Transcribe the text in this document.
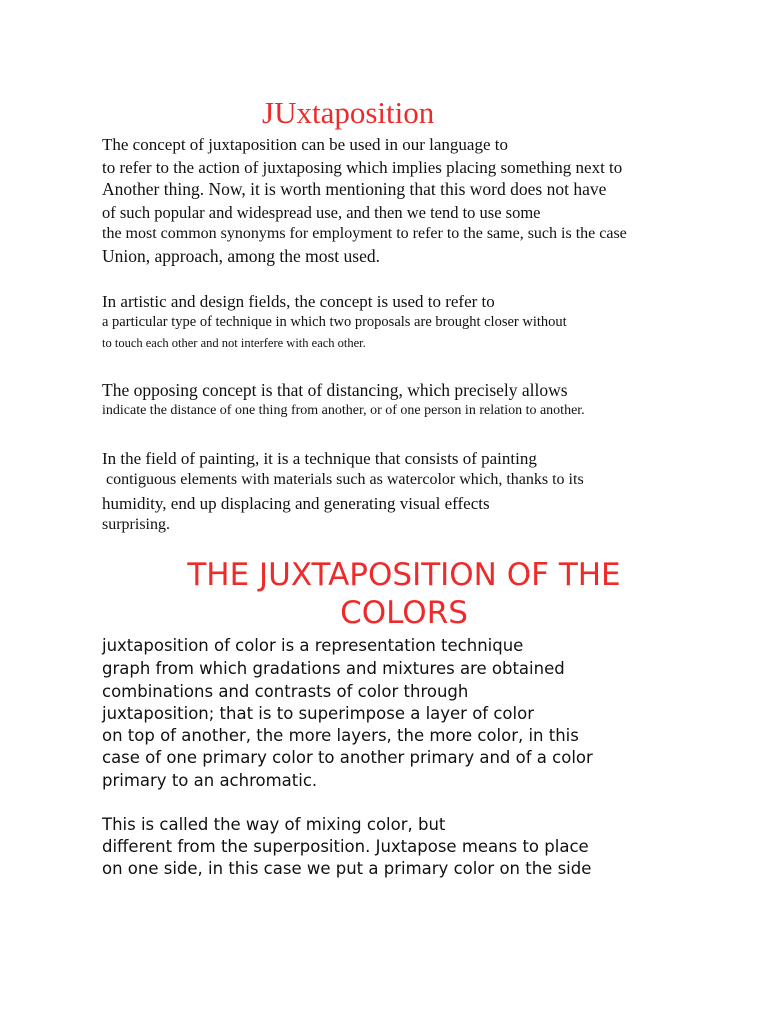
JUxtaposition
The concept of juxtaposition can be used in our language to
to refer to the action of juxtaposing which implies placing something next to
Another thing. Now, it is worth mentioning that this word does not have
of such popular and widespread use, and then we tend to use some
the most common synonyms for employment to refer to the same, such is the case
Union, approach, among the most used.
In artistic and design fields, the concept is used to refer to
a particular type of technique in which two proposals are brought closer without
to touch each other and not interfere with each other.
The opposing concept is that of distancing, which precisely allows
indicate the distance of one thing from another, or of one person in relation to another.
In the field of painting, it is a technique that consists of painting
contiguous elements with materials such as watercolor which, thanks to its
humidity, end up displacing and generating visual effects
surprising.
THE JUXTAPOSITION OF THE
COLORS
juxtaposition of color is a representation technique
graph from which gradations and mixtures are obtained
combinations and contrasts of color through
juxtaposition; that is to superimpose a layer of color
on top of another, the more layers, the more color, in this
case of one primary color to another primary and of a color
primary to an achromatic.
This is called the way of mixing color, but
different from the superposition. Juxtapose means to place
on one side, in this case we put a primary color on the side
